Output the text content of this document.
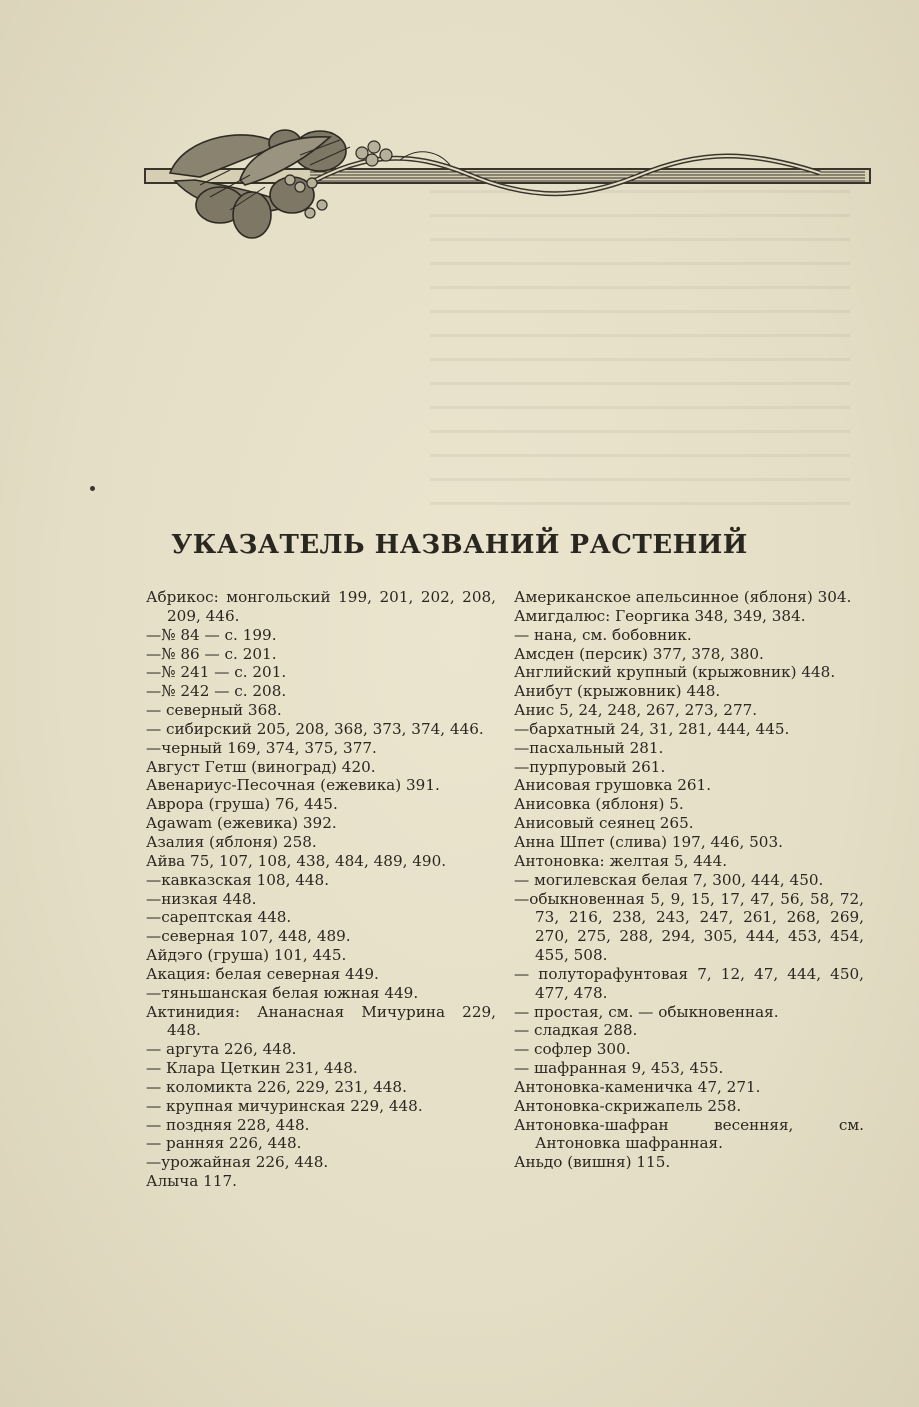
УКАЗАТЕЛЬ НАЗВАНИЙ РАСТЕНИЙ
Абрикос: монгольский 199, 201, 202, 208, 209, 446.
—№ 84 — с. 199.
—№ 86 — с. 201.
—№ 241 — с. 201.
—№ 242 — с. 208.
— северный 368.
— сибирский 205, 208, 368, 373, 374, 446.
—черный 169, 374, 375, 377.
Август Гетш (виноград) 420.
Авенариус-Песочная (ежевика) 391.
Аврора (груша) 76, 445.
Agawam (ежевика) 392.
Азалия (яблоня) 258.
Айва 75, 107, 108, 438, 484, 489, 490.
—кавказская 108, 448.
—низкая 448.
—сарептская 448.
—северная 107, 448, 489.
Айдэго (груша) 101, 445.
Акация: белая северная 449.
—тяньшанская белая южная 449.
Актинидия: Ананасная Мичурина 229, 448.
— аргута 226, 448.
— Клара Цеткин 231, 448.
— коломикта 226, 229, 231, 448.
— крупная мичуринская 229, 448.
— поздняя 228, 448.
— ранняя 226, 448.
—урожайная 226, 448.
Алыча 117.
Американское апельсинное (яблоня) 304.
Амигдалюс: Георгика 348, 349, 384.
— нана, см. бобовник.
Амсден (персик) 377, 378, 380.
Английский крупный (крыжовник) 448.
Анибут (крыжовник) 448.
Анис 5, 24, 248, 267, 273, 277.
—бархатный 24, 31, 281, 444, 445.
—пасхальный 281.
—пурпуровый 261.
Анисовая грушовка 261.
Анисовка (яблоня) 5.
Анисовый сеянец 265.
Анна Шпет (слива) 197, 446, 503.
Антоновка: желтая 5, 444.
— могилевская белая 7, 300, 444, 450.
—обыкновенная 5, 9, 15, 17, 47, 56, 58, 72, 73, 216, 238, 243, 247, 261, 268, 269, 270, 275, 288, 294, 305, 444, 453, 454, 455, 508.
— полуторафунтовая 7, 12, 47, 444, 450, 477, 478.
— простая, см. — обыкновенная.
— сладкая 288.
— софлер 300.
— шафранная 9, 453, 455.
Антоновка-каменичка 47, 271.
Антоновка-скрижапель 258.
Антоновка-шафран весенняя, см. Антоновка шафранная.
Аньдо (вишня) 115.
